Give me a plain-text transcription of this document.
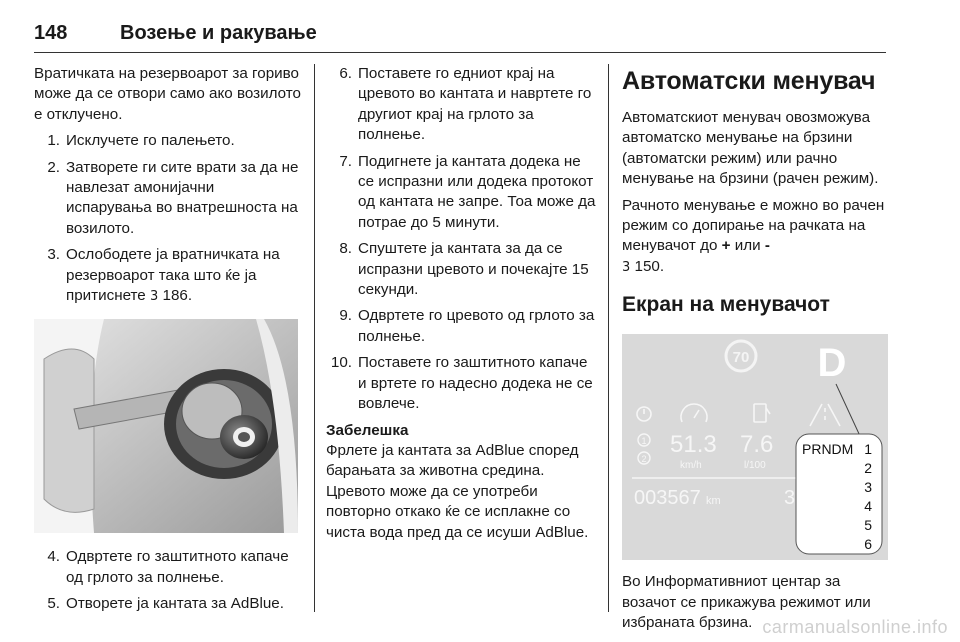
148	Возење и ракување

Вратичката на резервоарот за гориво може да се отвори само ако возилото е отклучено.

1. Исклучете го палењето.
2. Затворете ги сите врати за да не навлезат амонијачни испарувања во внатрешноста на возилото.
3. Ослободете ја вратничката на резервоарот така што ќе ја притиснете 3 186.
4. Одвртете го заштитното капаче од грлото за полнење.
5. Отворете ја кантата за AdBlue.
6. Поставете го едниот крај на цревото во кантата и навртете го другиот крај на грлото за полнење.
7. Подигнете ја кантата додека не се испразни или додека протокот од кантата не запре. Тоа може да потрае до 5 минути.
8. Спуштете ја кантата за да се испразни цревото и почекајте 15 секунди.
9. Одвртете го цревото од грлото за полнење.
10. Поставете го заштитното капаче и вртете го надесно додека не се вовлече.

Забелешка

Фрлете ја кантата за AdBlue според барањата за животна средина. Цревото може да се употреби повторно откако ќе се исплакне со чиста вода пред да се исуши AdBlue.

Автоматски менувач

Автоматскиот менувач овозможува автоматско менување на брзини (автоматски режим) или рачно менување на брзини (рачен режим).

Рачното менување е можно во рачен режим со допирање на рачката на менувачот до + или -
3 150.

Екран на менувачот
70 D
1
2
51.3
km/h
7.6
l/100
003567 km	3
PRNDM 1
2
3
4
5
6

Во Информативниот центар за возачот се прикажува режимот или избраната брзина. carmanualsonline.info
